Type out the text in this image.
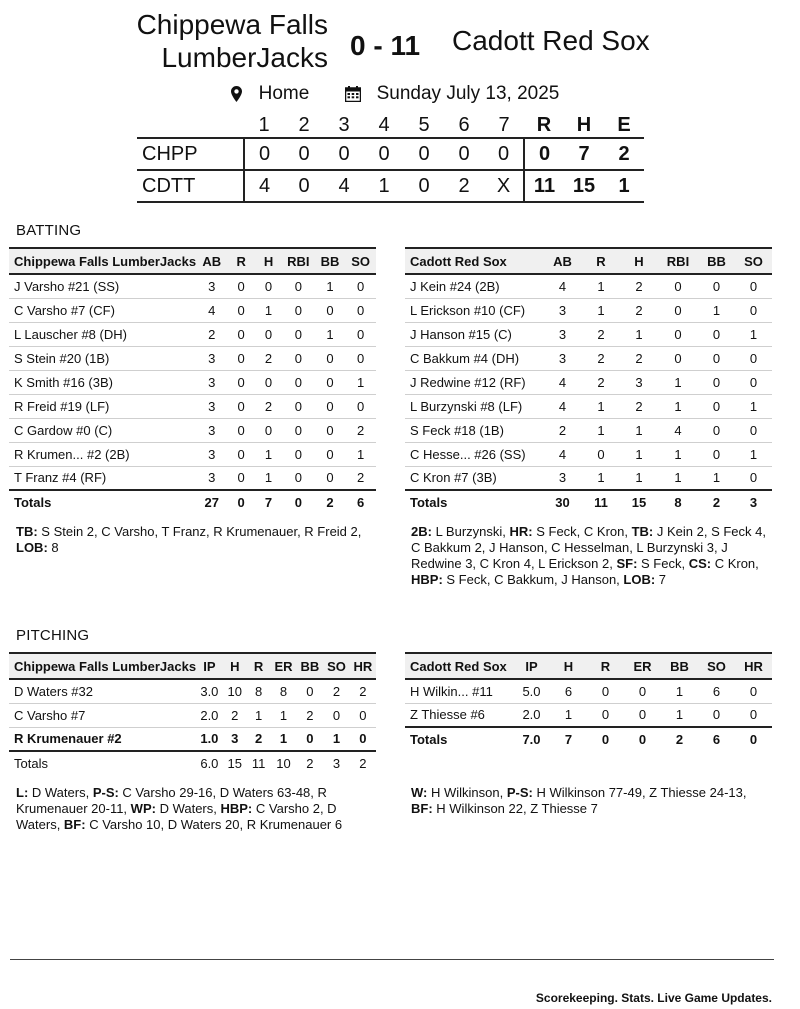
Chippewa Falls
LumberJacks 0 - 11 Cadott Red Sox
Home
	Sunday July 13, 2025
	1	2	3	4	5	6	7	R	H	E
CHPP	0	0	0	0	0	0	0	0	7	2
CDTT	4	0	4	1	0	2	X	11	15	1
BATTING
Chippewa Falls LumberJacks	AB	R	H	RBI	BB	SO
J Varsho #21 (SS)	3	0	0	0	1	0
C Varsho #7 (CF)	4	0	1	0	0	0
L Lauscher #8 (DH)	2	0	0	0	1	0
S Stein #20 (1B)	3	0	2	0	0	0
K Smith #16 (3B)	3	0	0	0	0	1
R Freid #19 (LF)	3	0	2	0	0	0
C Gardow #0 (C)	3	0	0	0	0	2
R Krumen... #2 (2B)	3	0	1	0	0	1
T Franz #4 (RF)	3	0	1	0	0	2
Totals	27	0	7	0	2	6
TB: S Stein 2, C Varsho, T Franz, R Krumenauer, R Freid 2, LOB: 8
Cadott Red Sox	AB	R	H	RBI	BB	SO
J Kein #24 (2B)	4	1	2	0	0	0
L Erickson #10 (CF)	3	1	2	0	1	0
J Hanson #15 (C)	3	2	1	0	0	1
C Bakkum #4 (DH)	3	2	2	0	0	0
J Redwine #12 (RF)	4	2	3	1	0	0
L Burzynski #8 (LF)	4	1	2	1	0	1
S Feck #18 (1B)	2	1	1	4	0	0
C Hesse... #26 (SS)	4	0	1	1	0	1
C Kron #7 (3B)	3	1	1	1	1	0
Totals	30	11	15	8	2	3
2B: L Burzynski, HR: S Feck, C Kron, TB: J Kein 2, S Feck 4, C Bakkum 2, J Hanson, C Hesselman, L Burzynski 3, J Redwine 3, C Kron 4, L Erickson 2, SF: S Feck, CS: C Kron, HBP: S Feck, C Bakkum, J Hanson, LOB: 7
PITCHING
Chippewa Falls LumberJacks	IP	H	R	ER	BB	SO	HR
D Waters #32	3.0	10	8	8	0	2	2
C Varsho #7	2.0	2	1	1	2	0	0
R Krumenauer #2	1.0	3	2	1	0	1	0
Totals	6.0	15	11	10	2	3	2
L: D Waters, P-S: C Varsho 29-16, D Waters 63-48, R Krumenauer 20-11, WP: D Waters, HBP: C Varsho 2, D Waters, BF: C Varsho 10, D Waters 20, R Krumenauer 6
Cadott Red Sox	IP	H	R	ER	BB	SO	HR
H Wilkin... #11	5.0	6	0	0	1	6	0
Z Thiesse #6	2.0	1	0	0	1	0	0
Totals	7.0	7	0	0	2	6	0
W: H Wilkinson, P-S: H Wilkinson 77-49, Z Thiesse 24-13, BF: H Wilkinson 22, Z Thiesse 7
Scorekeeping. Stats. Live Game Updates.
